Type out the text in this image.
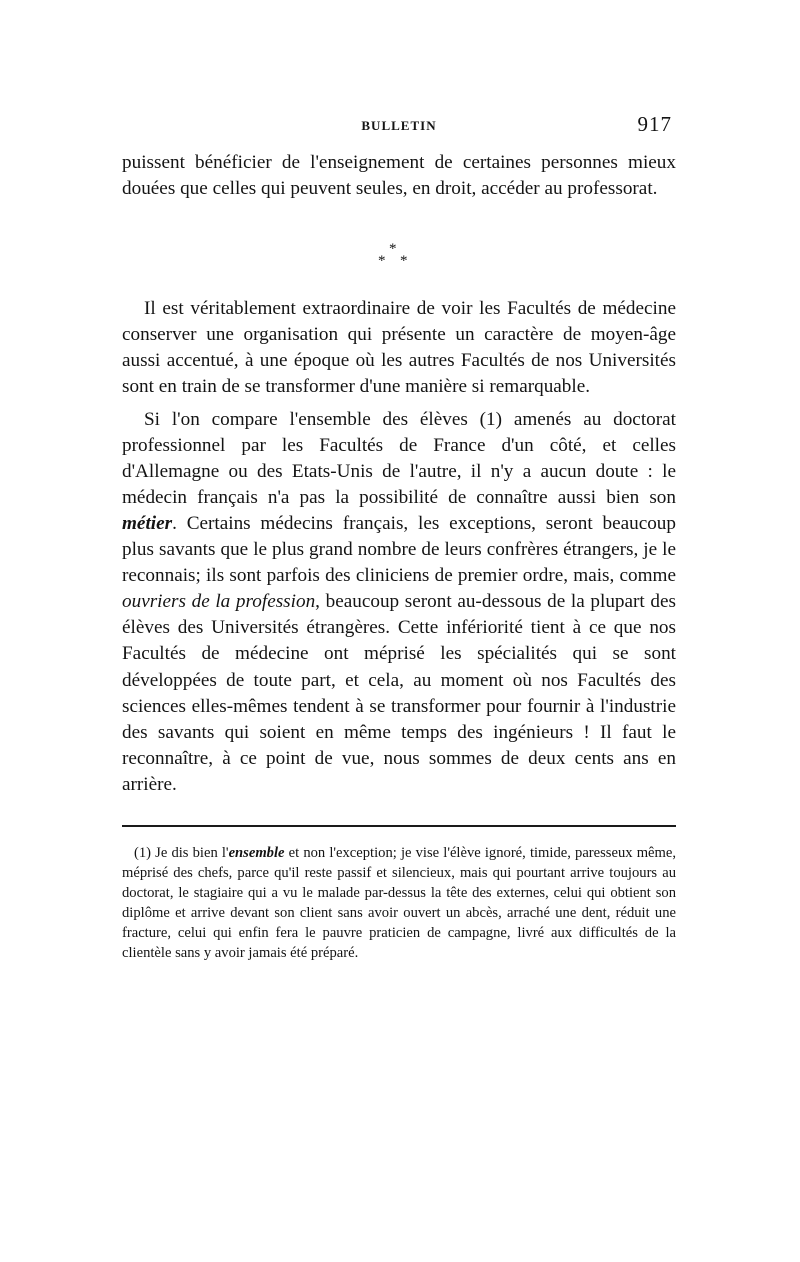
BULLETIN	917

puissent bénéficier de l'enseignement de certaines personnes mieux douées que celles qui peuvent seules, en droit, accéder au professorat.

*
* *

Il est véritablement extraordinaire de voir les Facultés de médecine conserver une organisation qui présente un caractère de moyen-âge aussi accentué, à une époque où les autres Facultés de nos Universités sont en train de se transformer d'une manière si remarquable.

Si l'on compare l'ensemble des élèves (1) amenés au doctorat professionnel par les Facultés de France d'un côté, et celles d'Allemagne ou des Etats-Unis de l'autre, il n'y a aucun doute : le médecin français n'a pas la possibilité de connaître aussi bien son métier. Certains médecins français, les exceptions, seront beaucoup plus savants que le plus grand nombre de leurs confrères étrangers, je le reconnais; ils sont parfois des cliniciens de premier ordre, mais, comme ouvriers de la profession, beaucoup seront au-dessous de la plupart des élèves des Universités étrangères. Cette infériorité tient à ce que nos Facultés de médecine ont méprisé les spécialités qui se sont développées de toute part, et cela, au moment où nos Facultés des sciences elles-mêmes tendent à se transformer pour fournir à l'industrie des savants qui soient en même temps des ingénieurs ! Il faut le reconnaître, à ce point de vue, nous sommes de deux cents ans en arrière.

(1) Je dis bien l'ensemble et non l'exception; je vise l'élève ignoré, timide, paresseux même, méprisé des chefs, parce qu'il reste passif et silencieux, mais qui pourtant arrive toujours au doctorat, le stagiaire qui a vu le malade par-dessus la tête des externes, celui qui obtient son diplôme et arrive devant son client sans avoir ouvert un abcès, arraché une dent, réduit une fracture, celui qui enfin fera le pauvre praticien de campagne, livré aux difficultés de la clientèle sans y avoir jamais été préparé.
